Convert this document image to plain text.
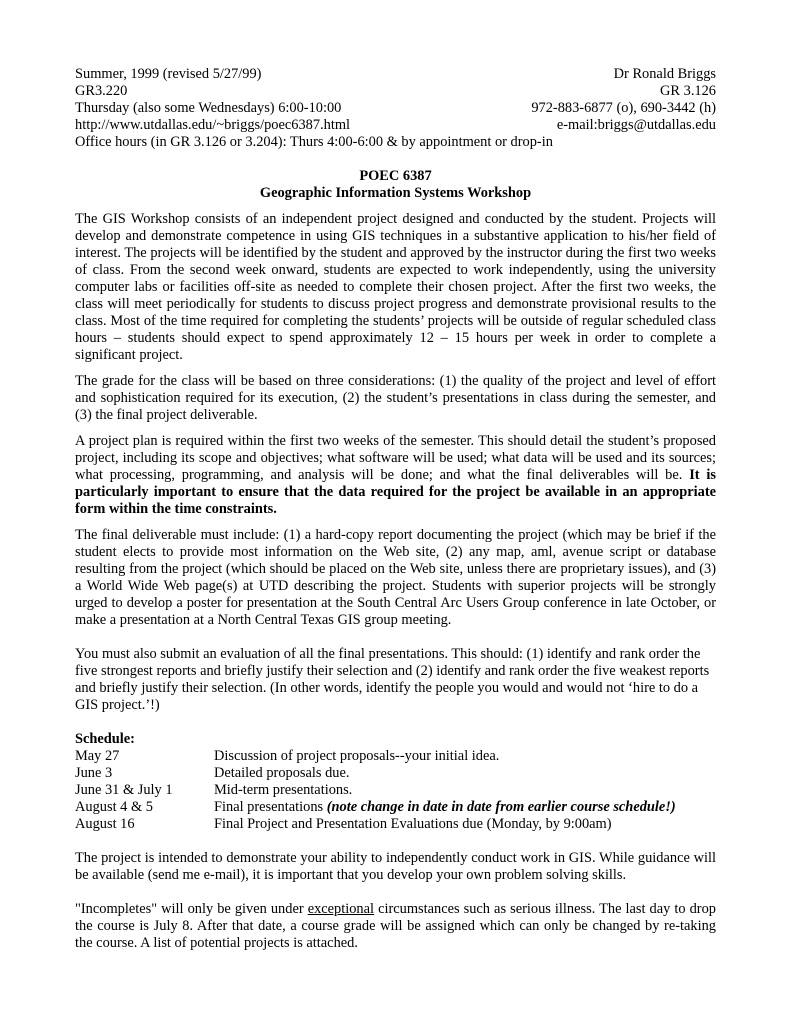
Summer, 1999 (revised 5/27/99)	Dr Ronald Briggs
GR3.220	GR 3.126
Thursday (also some Wednesdays) 6:00-10:00	972-883-6877 (o), 690-3442 (h)
http://www.utdallas.edu/~briggs/poec6387.html	e-mail:briggs@utdallas.edu
Office hours (in GR 3.126 or 3.204): Thurs 4:00-6:00 & by appointment or drop-in
POEC 6387
Geographic Information Systems Workshop

The GIS Workshop consists of an independent project designed and conducted by the student. Projects will develop and demonstrate competence in using GIS techniques in a substantive application to his/her field of interest. The projects will be identified by the student and approved by the instructor during the first two weeks of class. From the second week onward, students are expected to work independently, using the university computer labs or facilities off-site as needed to complete their chosen project. After the first two weeks, the class will meet periodically for students to discuss project progress and demonstrate provisional results to the class. Most of the time required for completing the students’ projects will be outside of regular scheduled class hours – students should expect to spend approximately 12 – 15 hours per week in order to complete a significant project.

The grade for the class will be based on three considerations: (1) the quality of the project and level of effort and sophistication required for its execution, (2) the student’s presentations in class during the semester, and (3) the final project deliverable.

A project plan is required within the first two weeks of the semester. This should detail the student’s proposed project, including its scope and objectives; what software will be used; what data will be used and its sources; what processing, programming, and analysis will be done; and what the final deliverables will be. It is particularly important to ensure that the data required for the project be available in an appropriate form within the time constraints.

The final deliverable must include: (1) a hard-copy report documenting the project (which may be brief if the student elects to provide most information on the Web site, (2) any map, aml, avenue script or database resulting from the project (which should be placed on the Web site, unless there are proprietary issues), and (3) a World Wide Web page(s) at UTD describing the project. Students with superior projects will be strongly urged to develop a poster for presentation at the South Central Arc Users Group conference in late October, or make a presentation at a North Central Texas GIS group meeting.

You must also submit an evaluation of all the final presentations. This should: (1) identify and rank order the five strongest reports and briefly justify their selection and (2) identify and rank order the five weakest reports and briefly justify their selection. (In other words, identify the people you would and would not ‘hire to do a GIS project.’!)

Schedule:
May 27	Discussion of project proposals--your initial idea.
June 3	Detailed proposals due.
June 31 & July 1	Mid-term presentations.
August 4 & 5	Final presentations (note change in date in date from earlier course schedule!)
August 16	Final Project and Presentation Evaluations due (Monday, by 9:00am)

The project is intended to demonstrate your ability to independently conduct work in GIS. While guidance will be available (send me e-mail), it is important that you develop your own problem solving skills.

"Incompletes" will only be given under exceptional circumstances such as serious illness. The last day to drop the course is July 8. After that date, a course grade will be assigned which can only be changed by re-taking the course. A list of potential projects is attached.
